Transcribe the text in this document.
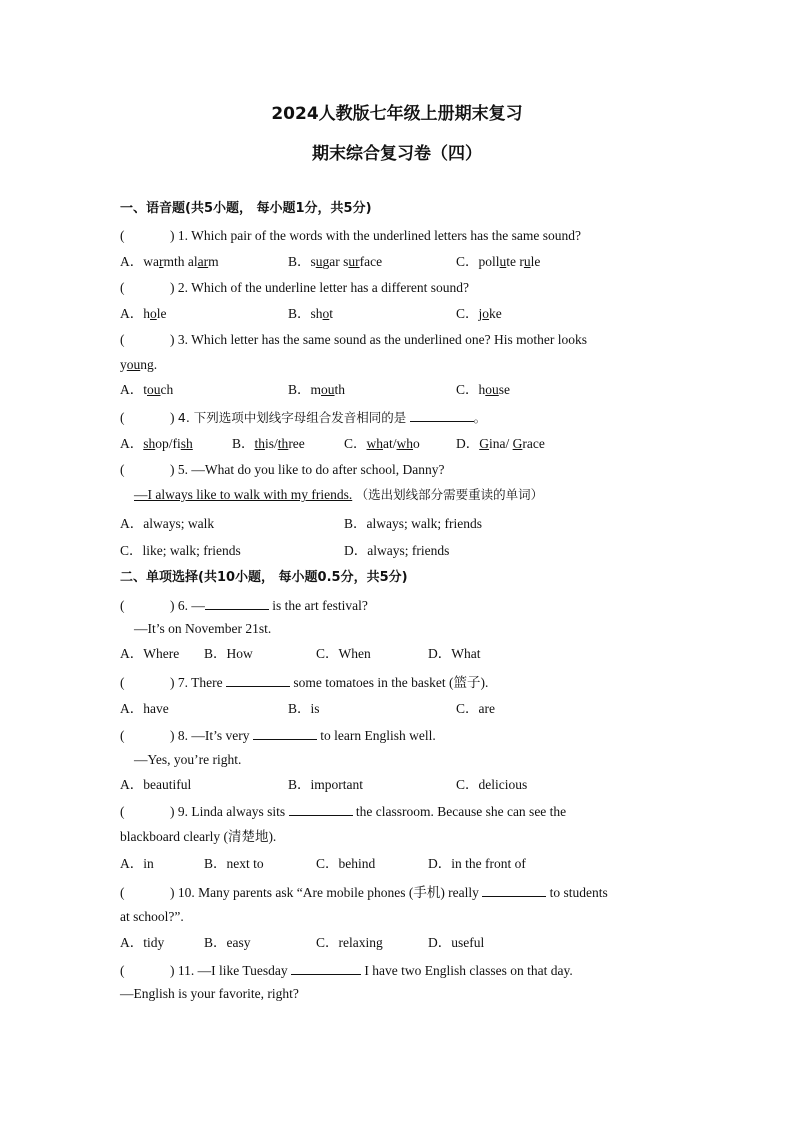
2024人教版七年级上册期末复习
期末综合复习卷（四）
一、语音题(共5小题， 每小题1分，共5分)
(	) 1. Which pair of the words with the underlined letters has the same sound?
A．warmth alarm	B．sugar surface	C．pollute rule
(	) 2. Which of the underline letter has a different sound?
A．hole	B．shot	C．joke
(	) 3. Which letter has the same sound as the underlined one? His mother looks
young.
A．touch	B．mouth	C．house
(	) 4. 下列选项中划线字母组合发音相同的是	。
A．shop/fish	B．this/three	C．what/who	D．Gina/ Grace
(	) 5. —What do you like to do after school, Danny?
—I always like to walk with my friends. （选出划线部分需要重读的单词）
A．always; walk	B．always; walk; friends
C．like; walk; friends	D．always; friends
二、单项选择(共10小题， 每小题0.5分，共5分)
(	) 6. —	is the art festival?
—It’s on November 21st.
A．Where B．How	C．When	D．What
(	) 7. There	some tomatoes in the basket (篮子).
A．have	B．is	C．are
(	) 8. —It’s very	to learn English well.
—Yes, you’re right.
A．beautiful	B．important	C．delicious
(	) 9. Linda always sits	the classroom. Because she can see the
blackboard clearly (清楚地).
A．in	B．next to	C．behind	D．in the front of
(	) 10. Many parents ask “Are mobile phones (手机) really	to students
at school?”.
A．tidy	B．easy	C．relaxing	D．useful
(	) 11. —I like Tuesday	I have two English classes on that day.
—English is your favorite, right?
